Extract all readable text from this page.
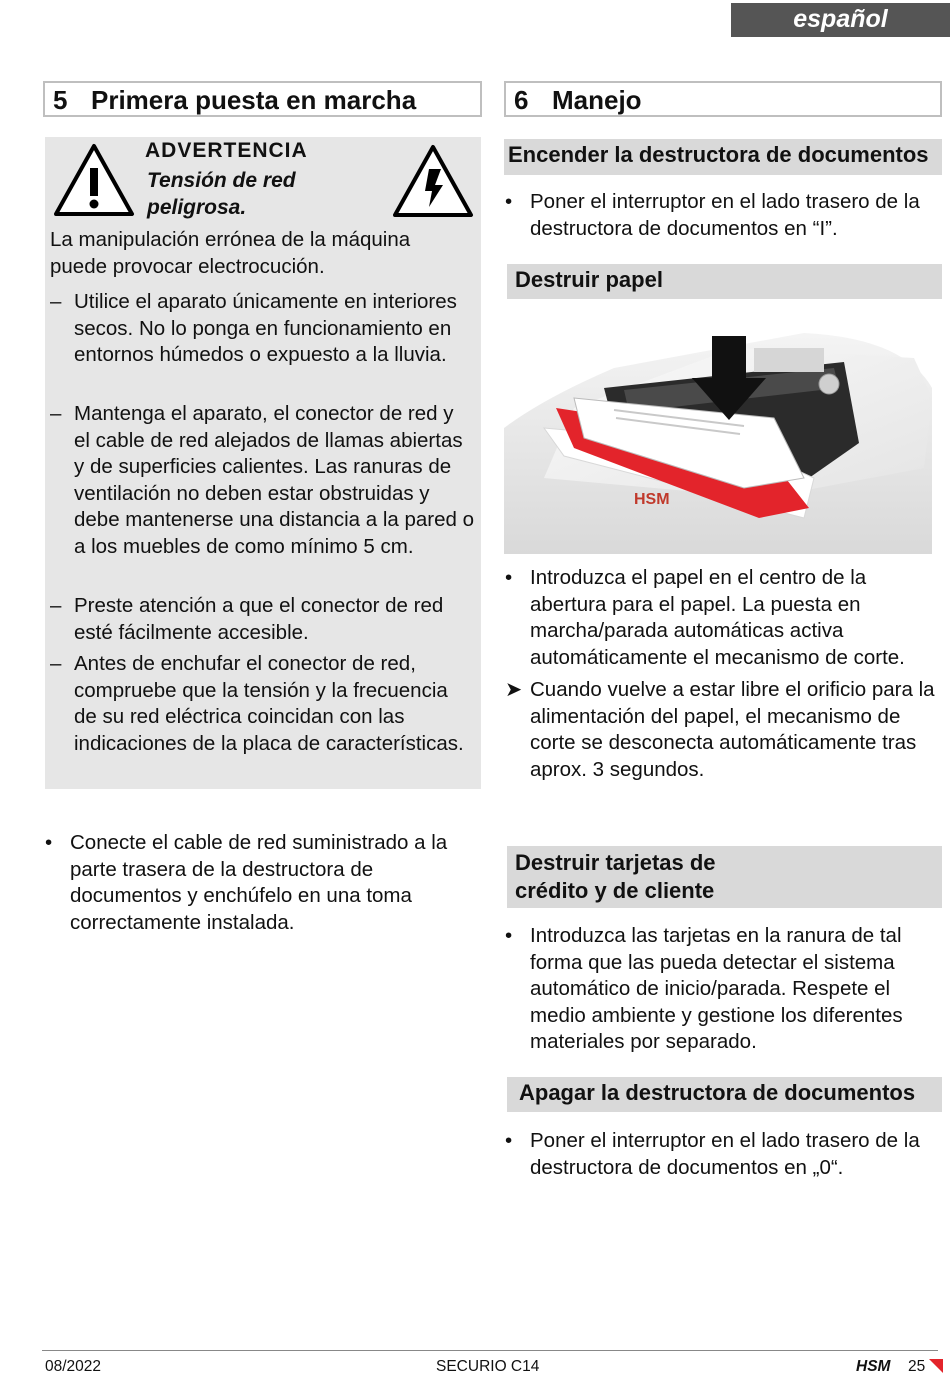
español
5 Primera puesta en marcha
ADVERTENCIA
Tensión de red peligrosa.
La manipulación errónea de la máquina puede provocar electrocución.
– Utilice el aparato únicamente en interiores secos. No lo ponga en funcionamiento en entornos húmedos o expuesto a la lluvia.
– Mantenga el aparato, el conector de red y el cable de red alejados de llamas abiertas y de superficies calientes. Las ranuras de ventilación no deben estar obstruidas y debe mantenerse una distancia a la pared o a los muebles de como mínimo 5 cm.
– Preste atención a que el conector de red esté fácilmente accesible.
– Antes de enchufar el conector de red, compruebe que la tensión y la frecuencia de su red eléctrica coincidan con las indicaciones de la placa de características.
• Conecte el cable de red suministrado a la parte trasera de la destructora de documentos y enchúfelo en una toma correctamente instalada.
6 Manejo
Encender la destructora de documentos
• Poner el interruptor en el lado trasero de la destructora de documentos en “I”.
Destruir papel
HSM
• Introduzca el papel en el centro de la abertura para el papel. La puesta en marcha/parada automáticas activa automáticamente el mecanismo de corte.
➤ Cuando vuelve a estar libre el orificio para la alimentación del papel, el mecanismo de corte se desconecta automáticamente tras aprox. 3 segundos.
Destruir tarjetas de crédito y de cliente
• Introduzca las tarjetas en la ranura de tal forma que las pueda detectar el sistema automático de inicio/parada. Respete el medio ambiente y gestione los diferentes materiales por separado.
Apagar la destructora de documentos
• Poner el interruptor en el lado trasero de la destructora de documentos en „0“.
08/2022	SECURIO C14	HSM 25
